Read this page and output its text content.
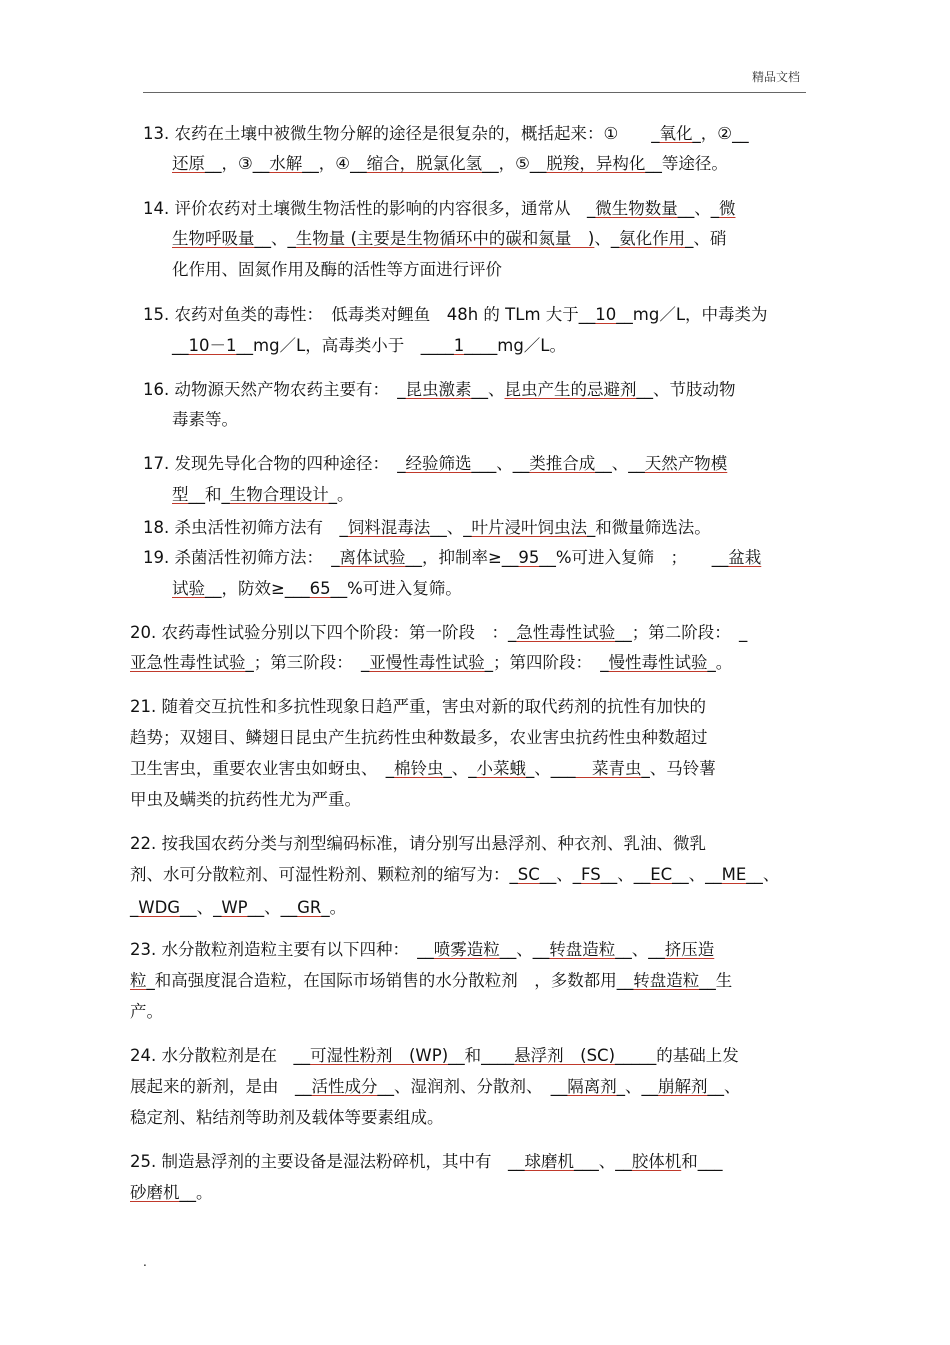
精品文档
13. 农药在土壤中被微生物分解的途径是很复杂的，概括起来：①　　_氧化_，②__
还原__，③__水解__，④__缩合，脱氯化氢__，⑤__脱羧，异构化__等途径。
14. 评价农药对土壤微生物活性的影响的内容很多，通常从　_微生物数量__、_微
生物呼吸量__、_生物量 (主要是生物循环中的碳和氮量　)、_氨化作用_、硝
化作用、固氮作用及酶的活性等方面进行评价
15. 农药对鱼类的毒性：　低毒类对鲤鱼　48h 的 TLm 大于__10__mg／L，中毒类为
__10－1__mg／L，高毒类小于　____1____mg／L。
16. 动物源天然产物农药主要有：　_昆虫激素__、昆虫产生的忌避剂__、节肢动物
毒素等。
17. 发现先导化合物的四种途径：　_经验筛选___、__类推合成__、__天然产物模
型__和_生物合理设计_。
18. 杀虫活性初筛方法有　_饲料混毒法__、_叶片浸叶饲虫法_和微量筛选法。
19. 杀菌活性初筛方法：　_离体试验__，抑制率≥__95__%可进入复筛　；　　__盆栽
试验__，防效≥___65__%可进入复筛。
20. 农药毒性试验分别以下四个阶段：第一阶段　：_急性毒性试验__；第二阶段：　_
亚急性毒性试验_；第三阶段：　_亚慢性毒性试验_；第四阶段：　_慢性毒性试验_。
21. 随着交互抗性和多抗性现象日趋严重，害虫对新的取代药剂的抗性有加快的
趋势；双翅目、鳞翅日昆虫产生抗药性虫种数最多，农业害虫抗药性虫种数超过
卫生害虫，重要农业害虫如蚜虫、　_棉铃虫_、_小菜蛾_、___　菜青虫_、马铃薯
甲虫及螨类的抗药性尤为严重。
22. 按我国农药分类与剂型编码标准，请分别写出悬浮剂、种衣剂、乳油、微乳
剂、水可分散粒剂、可湿性粉剂、颗粒剂的缩写为：_SC__、_FS__、__EC__、__ME__、
_WDG__、_WP__、__GR_。
23. 水分散粒剂造粒主要有以下四种：　__喷雾造粒__、__转盘造粒__、__挤压造
粒_和高强度混合造粒，在国际市场销售的水分散粒剂　，多数都用__转盘造粒__生
产。
24. 水分散粒剂是在　__可湿性粉剂　(WP)__和____悬浮剂　(SC)_____的基础上发
展起来的新剂，是由　__活性成分__、湿润剂、分散剂、　__隔离剂_、__崩解剂__、
稳定剂、粘结剂等助剂及载体等要素组成。
25. 制造悬浮剂的主要设备是湿法粉碎机，其中有　__球磨机___、__胶体机和___
砂磨机__。
.
